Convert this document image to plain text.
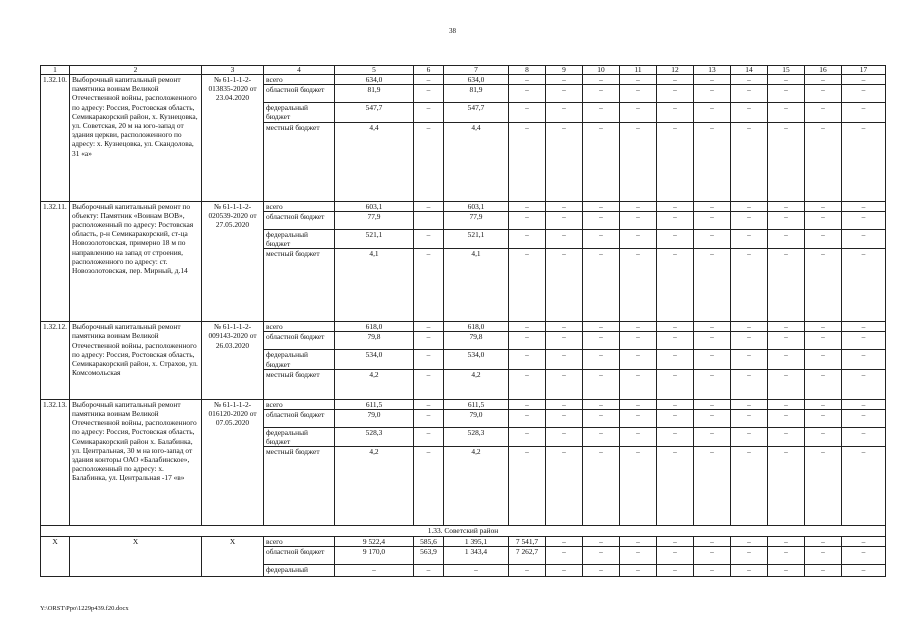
38
1	2	3	4	5	6	7	8	9	10	11	12	13	14	15	16	17
1.32.10.	Выборочный капитальный ремонт памятника воинам Великой Отечественной войны, расположенного по адресу: Россия, Ростовская область, Семикаракорский район, х. Кузнецовка, ул. Советская, 20 м на юго-запад от здания церкви, расположенного по адресу: х. Кузнецовка, ул. Скандолова, 31 «а»	№ 61-1-1-2-013835-2020 от 23.04.2020	всего	634,0	–	634,0	–	–	–	–	–	–	–	–	–	–
			областной бюджет	81,9	–	81,9	–	–	–	–	–	–	–	–	–	–
			федеральный бюджет	547,7	–	547,7	–	–	–	–	–	–	–	–	–	–
			местный бюджет	4,4	–	4,4	–	–	–	–	–	–	–	–	–	–
1.32.11.	Выборочный капитальный ремонт по объекту: Памятник «Воинам ВОВ», расположенный по адресу: Ростовская область, р-н Семикаракорский, ст-ца Новозолотовская, примерно 18 м по направлению на запад от строения, расположенного по адресу: ст. Новозолотовская, пер. Мирный, д.14	№ 61-1-1-2-020539-2020 от 27.05.2020	всего	603,1	–	603,1	–	–	–	–	–	–	–	–	–	–
			областной бюджет	77,9		77,9	–	–	–	–	–	–	–	–	–	–
			федеральный бюджет	521,1	–	521,1	–	–	–	–	–	–	–	–	–	–
			местный бюджет	4,1	–	4,1	–	–	–	–	–	–	–	–	–	–
1.32.12.	Выборочный капитальный ремонт памятника воинам Великой Отечественной войны, расположенного по адресу: Россия, Ростовская область, Семикаракорский район, х. Страхов, ул. Комсомольская	№ 61-1-1-2-009143-2020 от 26.03.2020	всего	618,0	–	618,0	–	–	–	–	–	–	–	–	–	–
			областной бюджет	79,8	–	79,8	–	–	–	–	–	–	–	–	–	–
			федеральный бюджет	534,0	–	534,0	–	–	–	–	–	–	–	–	–	–
			местный бюджет	4,2	–	4,2	–	–	–	–	–	–	–	–	–	–
1.32.13.	Выборочный капитальный ремонт памятника воинам Великой Отечественной войны, расположенного по адресу: Россия, Ростовская область, Семикаракорский район х. Балабинка, ул. Центральная, 30 м на юго-запад от здания конторы ОАО «Балабинское», расположенный по адресу: х. Балабинка, ул. Центральная -17 «в»	№ 61-1-1-2-016120-2020 от 07.05.2020	всего	611,5	–	611,5	–	–	–	–	–	–	–	–	–	–
			областной бюджет	79,0	–	79,0	–	–	–	–	–	–	–	–	–	–
			федеральный бюджет	528,3	–	528,3	–	–	–	–	–	–	–	–	–	–
			местный бюджет	4,2	–	4,2	–	–	–	–	–	–	–	–	–	–
1.33. Советский район																
X	X	X	всего	9 522,4	585,6	1 395,1	7 541,7	–	–	–	–	–	–	–	–	–
			областной бюджет	9 170,0	563,9	1 343,4	7 262,7	–	–	–	–	–	–	–	–	–
			федеральный	–	–	–	–	–	–	–	–	–	–	–	–	–
Y:\ORST\Ppo\1229p439.f20.docx
